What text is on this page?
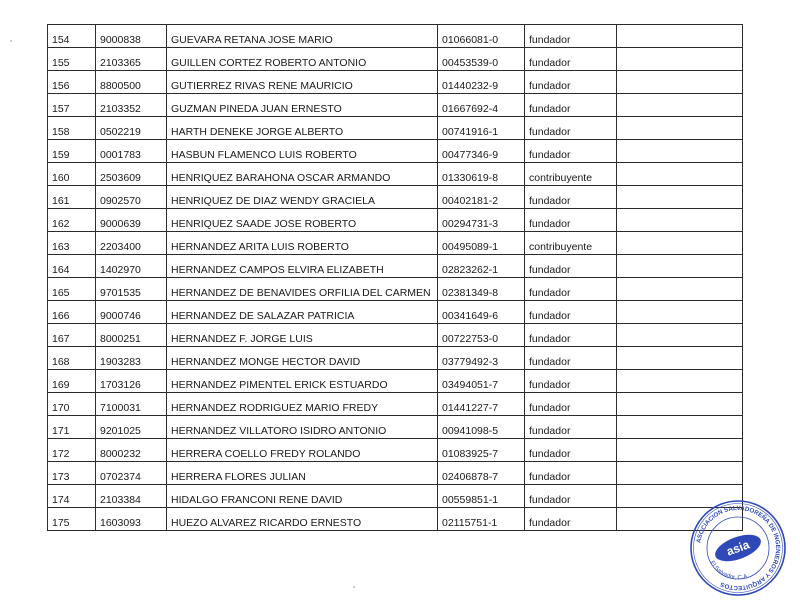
154	9000838	GUEVARA RETANA JOSE MARIO	01066081-0	fundador	
155	2103365	GUILLEN CORTEZ ROBERTO ANTONIO	00453539-0	fundador	
156	8800500	GUTIERREZ RIVAS RENE MAURICIO	01440232-9	fundador	
157	2103352	GUZMAN PINEDA JUAN ERNESTO	01667692-4	fundador	
158	0502219	HARTH DENEKE JORGE ALBERTO	00741916-1	fundador	
159	0001783	HASBUN FLAMENCO LUIS ROBERTO	00477346-9	fundador	
160	2503609	HENRIQUEZ BARAHONA OSCAR ARMANDO	01330619-8	contribuyente	
161	0902570	HENRIQUEZ DE DIAZ WENDY GRACIELA	00402181-2	fundador	
162	9000639	HENRIQUEZ SAADE JOSE ROBERTO	00294731-3	fundador	
163	2203400	HERNANDEZ ARITA LUIS ROBERTO	00495089-1	contribuyente	
164	1402970	HERNANDEZ CAMPOS ELVIRA ELIZABETH	02823262-1	fundador	
165	9701535	HERNANDEZ DE BENAVIDES ORFILIA DEL CARMEN	02381349-8	fundador	
166	9000746	HERNANDEZ DE SALAZAR PATRICIA	00341649-6	fundador	
167	8000251	HERNANDEZ F. JORGE LUIS	00722753-0	fundador	
168	1903283	HERNANDEZ MONGE HECTOR DAVID	03779492-3	fundador	
169	1703126	HERNANDEZ PIMENTEL ERICK ESTUARDO	03494051-7	fundador	
170	7100031	HERNANDEZ RODRIGUEZ MARIO FREDY	01441227-7	fundador	
171	9201025	HERNANDEZ VILLATORO ISIDRO ANTONIO	00941098-5	fundador	
172	8000232	HERRERA COELLO FREDY ROLANDO	01083925-7	fundador	
173	0702374	HERRERA FLORES JULIAN	02406878-7	fundador	
174	2103384	HIDALGO FRANCONI RENE DAVID	00559851-1	fundador	
175	1603093	HUEZO ALVAREZ RICARDO ERNESTO	02115751-1	fundador	
ASOCIACION SALVADOREÑA DE INGENIEROS Y ARQUITECTOS
El Salvador, C.A.
asia
